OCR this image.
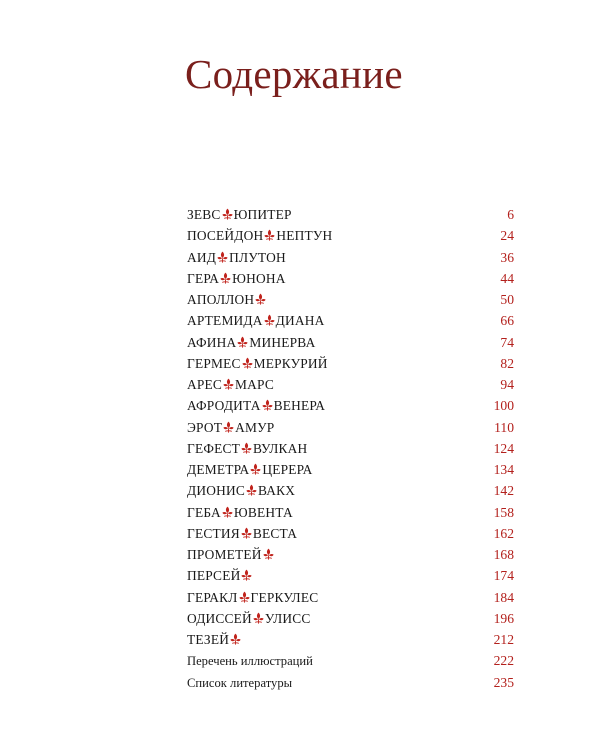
Содержание
ЗЕВС ЮПИТЕР	6
ПОСЕЙДОН НЕПТУН	24
АИД ПЛУТОН	36
ГЕРА ЮНОНА	44
АПОЛЛОН	50
АРТЕМИДА ДИАНА	66
АФИНА МИНЕРВА	74
ГЕРМЕС МЕРКУРИЙ	82
АРЕС МАРС	94
АФРОДИТА ВЕНЕРА	100
ЭРОТ АМУР	110
ГЕФЕСТ ВУЛКАН	124
ДЕМЕТРА ЦЕРЕРА	134
ДИОНИС ВАКХ	142
ГЕБА ЮВЕНТА	158
ГЕСТИЯ ВЕСТА	162
ПРОМЕТЕЙ	168
ПЕРСЕЙ	174
ГЕРАКЛ ГЕРКУЛЕС	184
ОДИССЕЙ УЛИСС	196
ТЕЗЕЙ	212
Перечень иллюстраций	222
Список литературы	235
